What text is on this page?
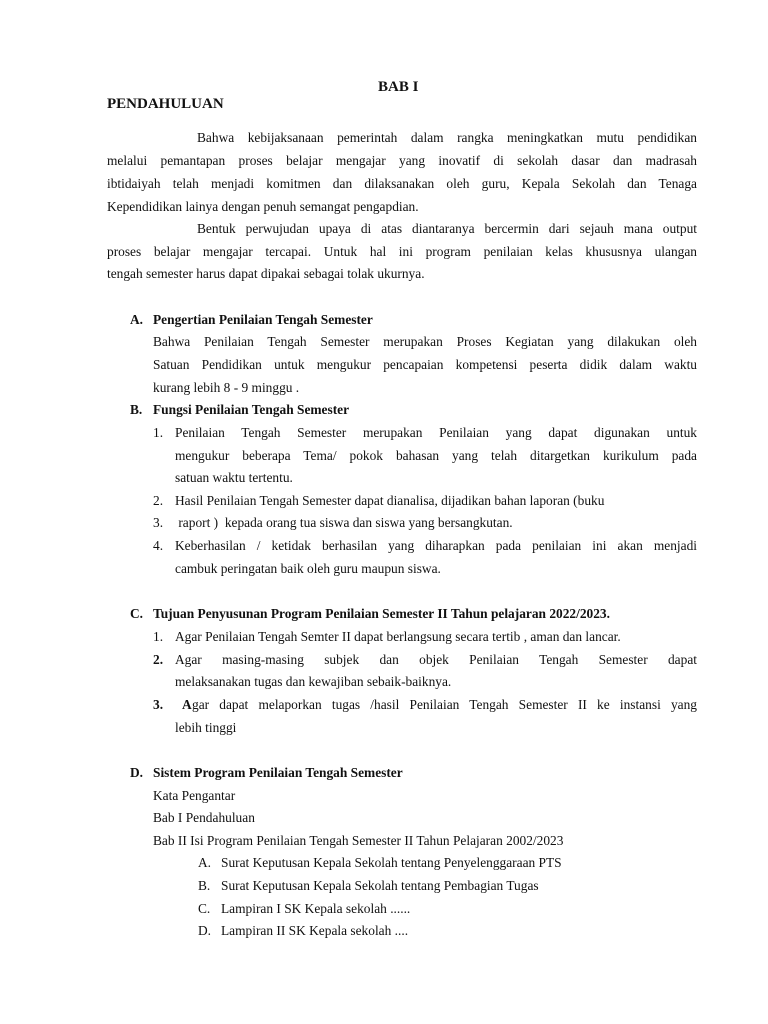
BAB I
PENDAHULUAN
Bahwa kebijaksanaan pemerintah dalam rangka meningkatkan mutu pendidikan
melalui pemantapan proses belajar mengajar yang inovatif di sekolah dasar dan madrasah
ibtidaiyah telah menjadi komitmen dan dilaksanakan oleh guru, Kepala Sekolah dan Tenaga
Kependidikan lainya dengan penuh semangat pengapdian.
Bentuk perwujudan upaya di atas diantaranya bercermin dari sejauh mana output
proses belajar mengajar tercapai. Untuk hal ini program penilaian kelas khususnya ulangan
tengah semester harus dapat dipakai sebagai tolak ukurnya.
A. Pengertian Penilaian Tengah Semester
Bahwa Penilaian Tengah Semester merupakan Proses Kegiatan yang dilakukan oleh
Satuan Pendidikan untuk mengukur pencapaian kompetensi peserta didik dalam waktu
kurang lebih 8 - 9 minggu .
B. Fungsi Penilaian Tengah Semester
1. Penilaian Tengah Semester merupakan Penilaian yang dapat digunakan untuk
mengukur beberapa Tema/ pokok bahasan yang telah ditargetkan kurikulum pada
satuan waktu tertentu.
2. Hasil Penilaian Tengah Semester dapat dianalisa, dijadikan bahan laporan (buku
3. raport )  kepada orang tua siswa dan siswa yang bersangkutan.
4. Keberhasilan / ketidak berhasilan yang diharapkan pada penilaian ini akan menjadi
cambuk peringatan baik oleh guru maupun siswa.
C. Tujuan Penyusunan Program Penilaian Semester II Tahun pelajaran 2022/2023.
1. Agar Penilaian Tengah Semter II dapat berlangsung secara tertib , aman dan lancar.
2. Agar masing-masing subjek dan objek Penilaian Tengah Semester dapat
melaksanakan tugas dan kewajiban sebaik-baiknya.
3. A gar dapat melaporkan tugas /hasil Penilaian Tengah Semester II ke instansi yang
lebih tinggi
D. Sistem Program Penilaian Tengah Semester
Kata Pengantar
Bab I Pendahuluan
Bab II Isi Program Penilaian Tengah Semester II Tahun Pelajaran 2002/2023
A. Surat Keputusan Kepala Sekolah tentang Penyelenggaraan PTS
B. Surat Keputusan Kepala Sekolah tentang Pembagian Tugas
C. Lampiran I SK Kepala sekolah ......
D. Lampiran II SK Kepala sekolah ....
